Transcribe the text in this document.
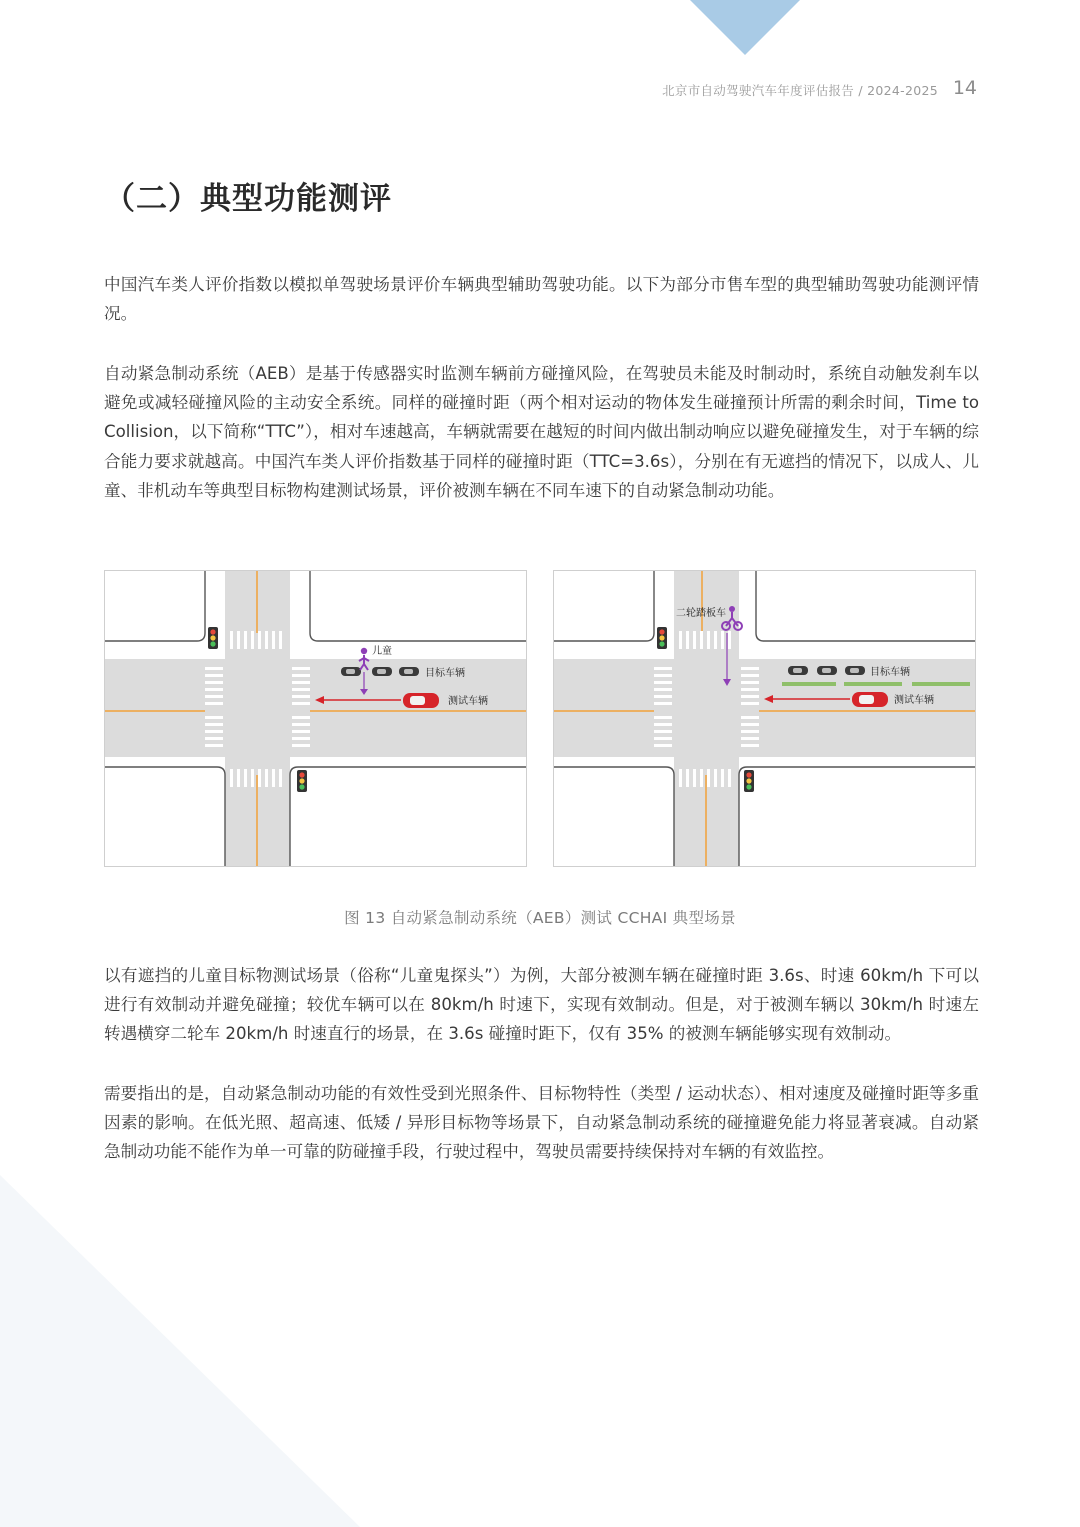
北京市自动驾驶汽车年度评估报告 / 2024-2025 14
（二）典型功能测评

中国汽车类人评价指数以模拟单驾驶场景评价车辆典型辅助驾驶功能。以下为部分市售车型的典型辅助驾驶功能测评情况。

自动紧急制动系统（AEB）是基于传感器实时监测车辆前方碰撞风险，在驾驶员未能及时制动时，系统自动触发刹车以避免或减轻碰撞风险的主动安全系统。同样的碰撞时距（两个相对运动的物体发生碰撞预计所需的剩余时间，Time to Collision，以下简称“TTC”），相对车速越高，车辆就需要在越短的时间内做出制动响应以避免碰撞发生，对于车辆的综合能力要求就越高。中国汽车类人评价指数基于同样的碰撞时距（TTC=3.6s），分别在有无遮挡的情况下，以成人、儿童、非机动车等典型目标物构建测试场景，评价被测车辆在不同车速下的自动紧急制动功能。

儿童
目标车辆
测试车辆
目标车辆
二轮踏板车
测试车辆
图 13 自动紧急制动系统（AEB）测试 CCHAI 典型场景

以有遮挡的儿童目标物测试场景（俗称“儿童鬼探头”）为例，大部分被测车辆在碰撞时距 3.6s、时速 60km/h 下可以进行有效制动并避免碰撞；较优车辆可以在 80km/h 时速下，实现有效制动。但是，对于被测车辆以 30km/h 时速左转遇横穿二轮车 20km/h 时速直行的场景，在 3.6s 碰撞时距下，仅有 35% 的被测车辆能够实现有效制动。

需要指出的是，自动紧急制动功能的有效性受到光照条件、目标物特性（类型 / 运动状态）、相对速度及碰撞时距等多重因素的影响。在低光照、超高速、低矮 / 异形目标物等场景下，自动紧急制动系统的碰撞避免能力将显著衰减。自动紧急制动功能不能作为单一可靠的防碰撞手段，行驶过程中，驾驶员需要持续保持对车辆的有效监控。
